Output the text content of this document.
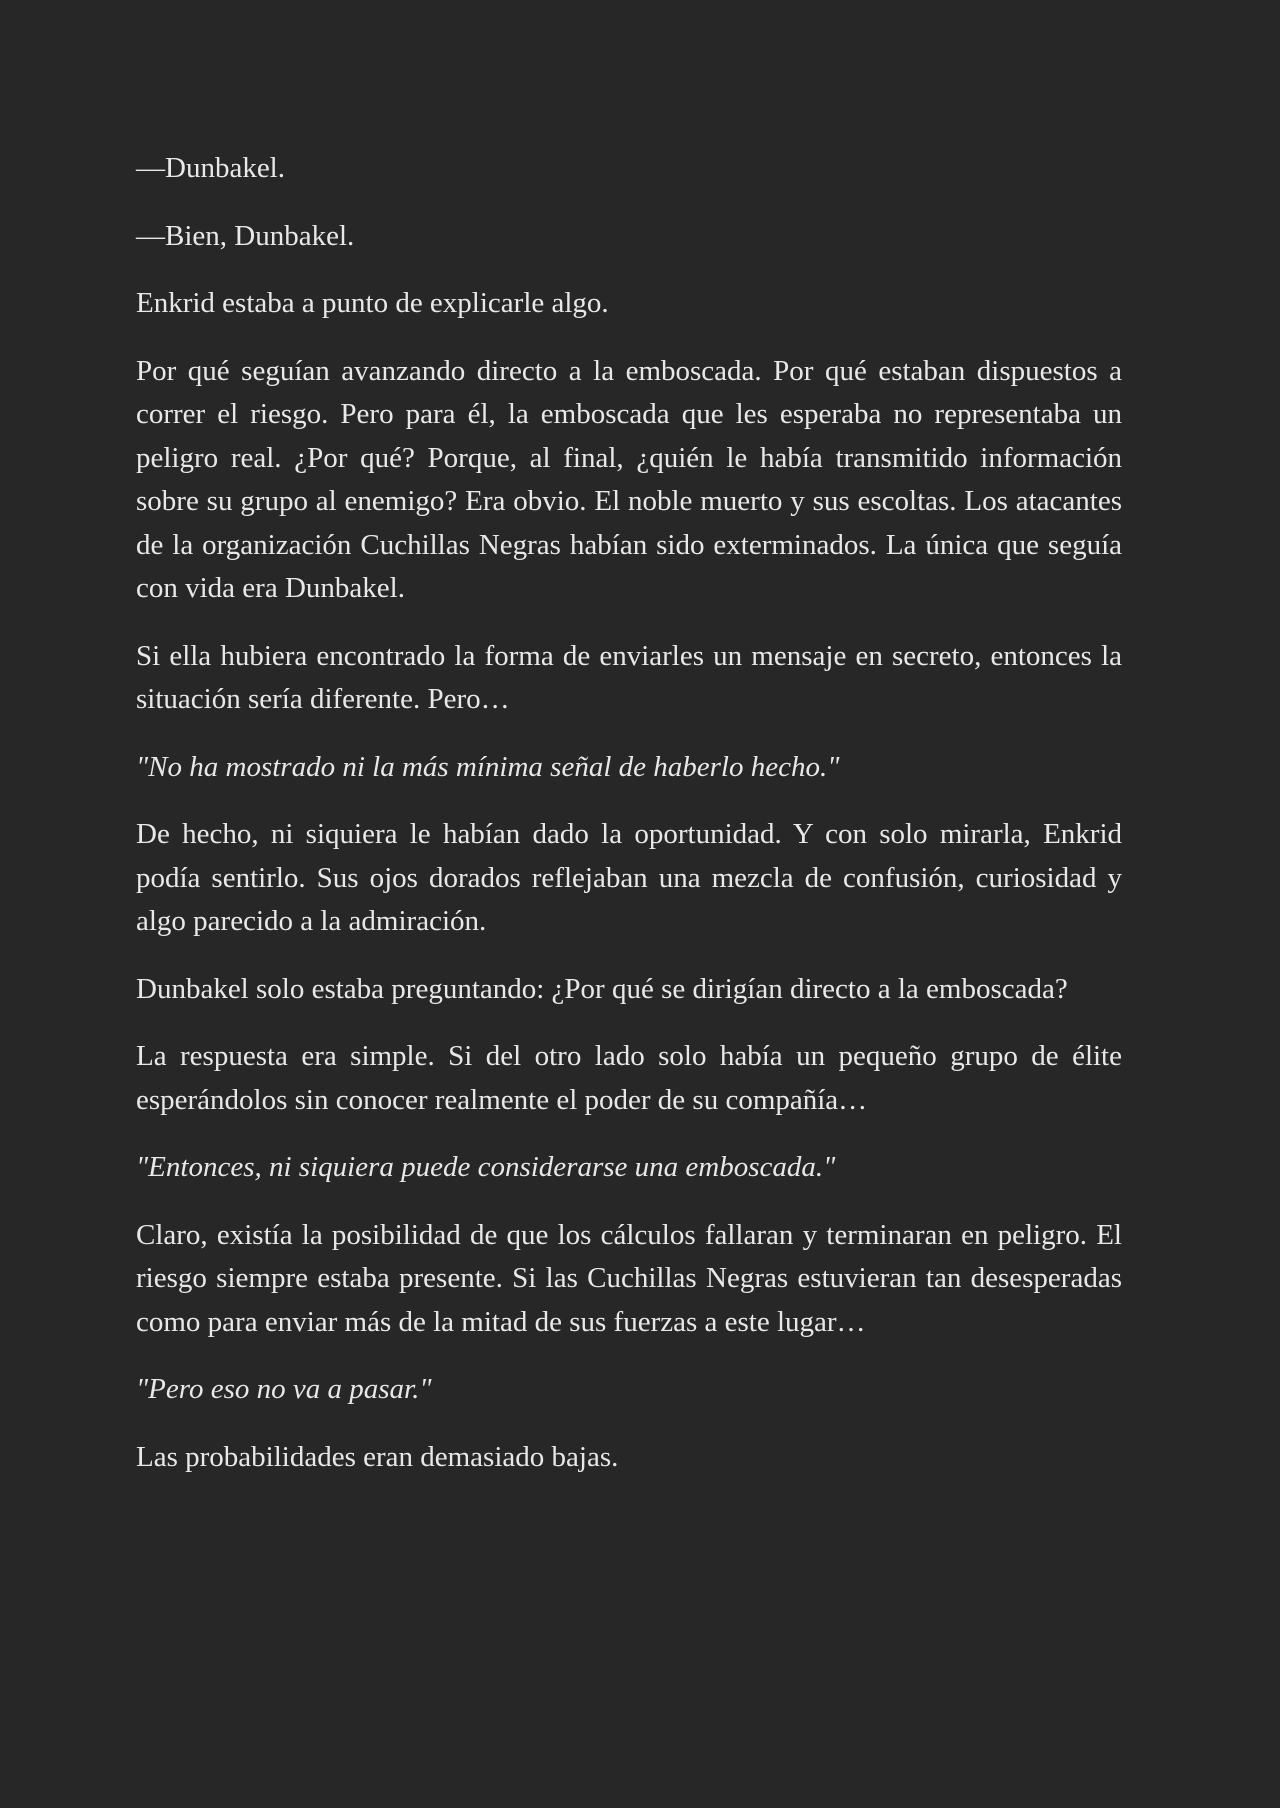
—Dunbakel.

—Bien, Dunbakel.

Enkrid estaba a punto de explicarle algo.

Por qué seguían avanzando directo a la emboscada. Por qué estaban dispuestos a correr el riesgo. Pero para él, la emboscada que les esperaba no representaba un peligro real. ¿Por qué? Porque, al final, ¿quién le había transmitido información sobre su grupo al enemigo? Era obvio. El noble muerto y sus escoltas. Los atacantes de la organización Cuchillas Negras habían sido exterminados. La única que seguía con vida era Dunbakel.

Si ella hubiera encontrado la forma de enviarles un mensaje en secreto, entonces la situación sería diferente. Pero…

"No ha mostrado ni la más mínima señal de haberlo hecho."

De hecho, ni siquiera le habían dado la oportunidad. Y con solo mirarla, Enkrid podía sentirlo. Sus ojos dorados reflejaban una mezcla de confusión, curiosidad y algo parecido a la admiración.

Dunbakel solo estaba preguntando: ¿Por qué se dirigían directo a la emboscada?

La respuesta era simple. Si del otro lado solo había un pequeño grupo de élite esperándolos sin conocer realmente el poder de su compañía…

"Entonces, ni siquiera puede considerarse una emboscada."

Claro, existía la posibilidad de que los cálculos fallaran y terminaran en peligro. El riesgo siempre estaba presente. Si las Cuchillas Negras estuvieran tan desesperadas como para enviar más de la mitad de sus fuerzas a este lugar…

"Pero eso no va a pasar."

Las probabilidades eran demasiado bajas.
